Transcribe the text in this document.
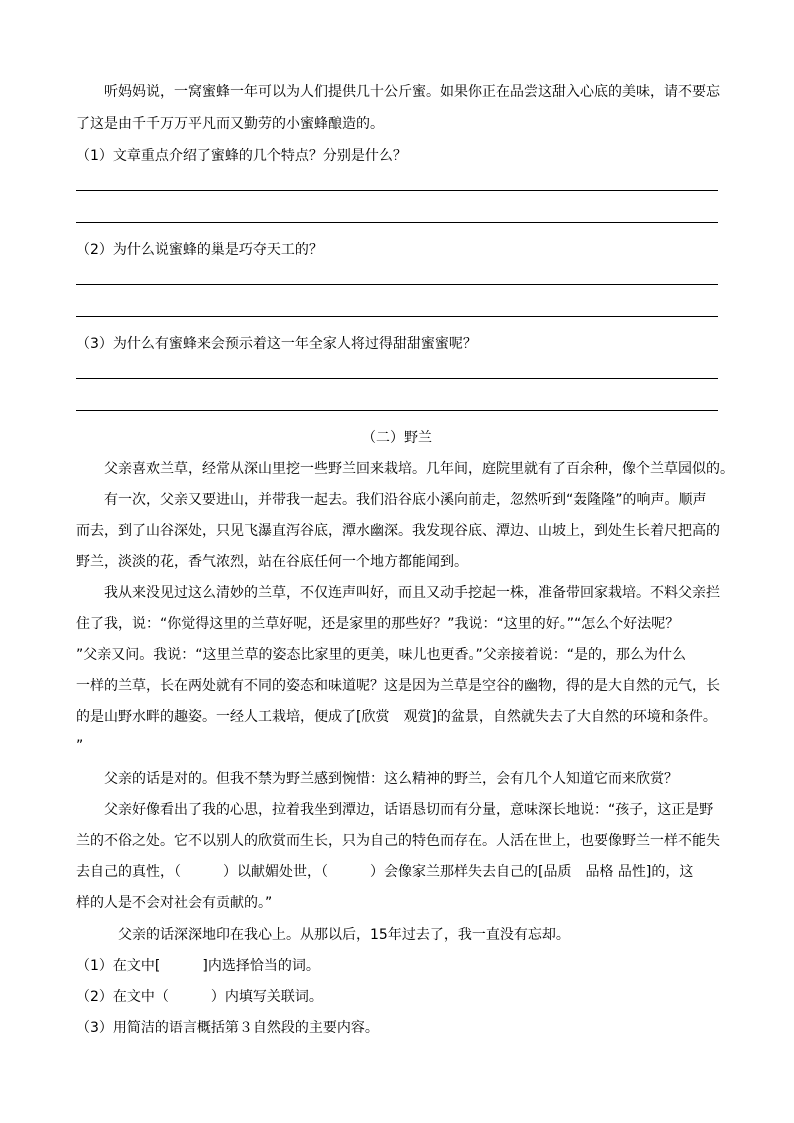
听妈妈说，一窝蜜蜂一年可以为人们提供几十公斤蜜。如果你正在品尝这甜入心底的美味，请不要忘
了这是由千千万万平凡而又勤劳的小蜜蜂酿造的。
（1）文章重点介绍了蜜蜂的几个特点？分别是什么？
（2）为什么说蜜蜂的巢是巧夺天工的？
（3）为什么有蜜蜂来会预示着这一年全家人将过得甜甜蜜蜜呢？
（二）野兰
父亲喜欢兰草，经常从深山里挖一些野兰回来栽培。几年间，庭院里就有了百余种，像个兰草园似的。
有一次，父亲又要进山，并带我一起去。我们沿谷底小溪向前走，忽然听到“轰隆隆”的响声。顺声
而去，到了山谷深处，只见飞瀑直泻谷底，潭水幽深。我发现谷底、潭边、山坡上，到处生长着尺把高的
野兰，淡淡的花，香气浓烈，站在谷底任何一个地方都能闻到。
我从来没见过这么清妙的兰草，不仅连声叫好，而且又动手挖起一株，准备带回家栽培。不料父亲拦
住了我，说：“你觉得这里的兰草好呢，还是家里的那些好？”我说：“这里的好。”“怎么个好法呢？
”父亲又问。我说：“这里兰草的姿态比家里的更美，味儿也更香。”父亲接着说：“是的，那么为什么
一样的兰草，长在两处就有不同的姿态和味道呢？这是因为兰草是空谷的幽物，得的是大自然的元气，长
的是山野水畔的趣姿。一经人工栽培，便成了[欣赏　观赏]的盆景，自然就失去了大自然的环境和条件。
”
父亲的话是对的。但我不禁为野兰感到惋惜：这么精神的野兰，会有几个人知道它而来欣赏？
父亲好像看出了我的心思，拉着我坐到潭边，话语恳切而有分量，意味深长地说：“孩子，这正是野
兰的不俗之处。它不以别人的欣赏而生长，只为自己的特色而存在。人活在世上，也要像野兰一样不能失
去自己的真性，（　　　）以献媚处世，（　　　）会像家兰那样失去自己的[品质　品格 品性]的，这
样的人是不会对社会有贡献的。”
父亲的话深深地印在我心上。从那以后，15年过去了，我一直没有忘却。
（1）在文中[　　　]内选择恰当的词。
（2）在文中（　　　）内填写关联词。
（3）用简洁的语言概括第３自然段的主要内容。
